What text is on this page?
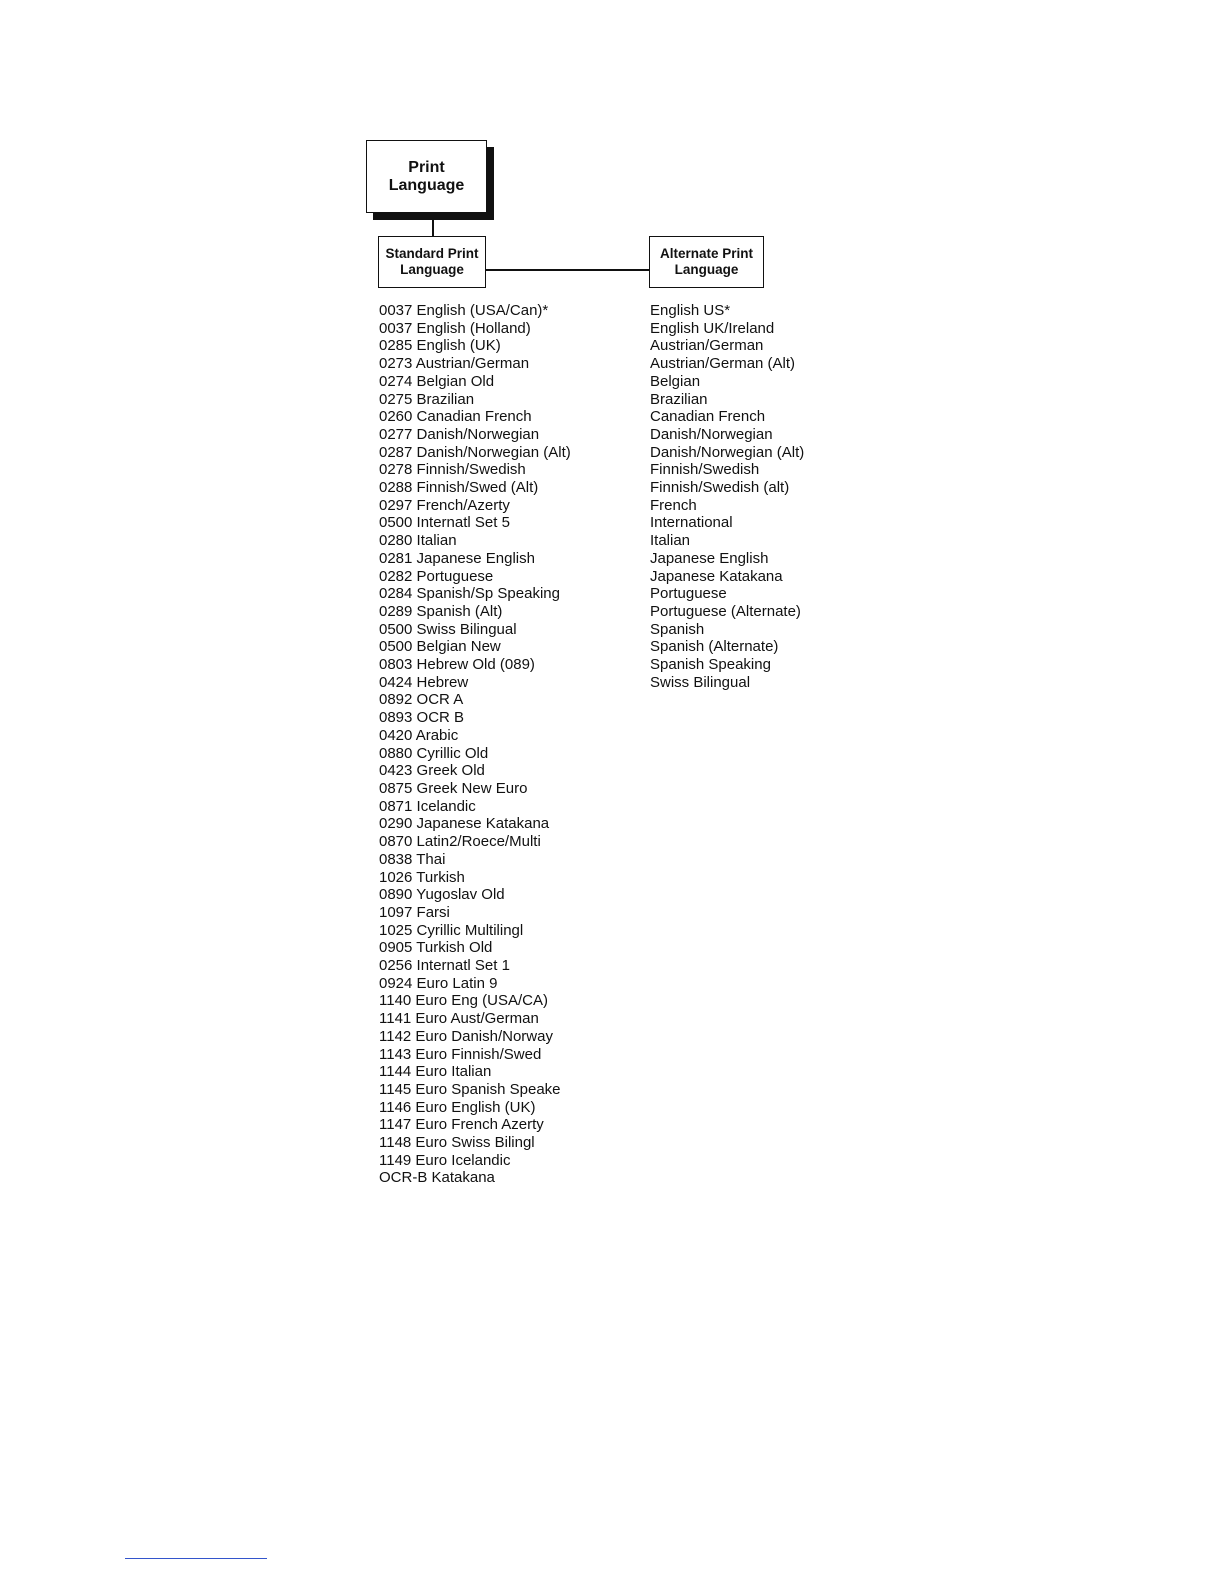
Print
Language
Standard Print
Language
Alternate Print
Language
0037 English (USA/Can)*
0037 English (Holland)
0285 English (UK)
0273 Austrian/German
0274 Belgian Old
0275 Brazilian
0260 Canadian French
0277 Danish/Norwegian
0287 Danish/Norwegian (Alt)
0278 Finnish/Swedish
0288 Finnish/Swed (Alt)
0297 French/Azerty
0500 Internatl Set 5
0280 Italian
0281 Japanese English
0282 Portuguese
0284 Spanish/Sp Speaking
0289 Spanish (Alt)
0500 Swiss Bilingual
0500 Belgian New
0803 Hebrew Old (089)
0424 Hebrew
0892 OCR A
0893 OCR B
0420 Arabic
0880 Cyrillic Old
0423 Greek Old
0875 Greek New Euro
0871 Icelandic
0290 Japanese Katakana
0870 Latin2/Roece/Multi
0838 Thai
1026 Turkish
0890 Yugoslav Old
1097 Farsi
1025 Cyrillic Multilingl
0905 Turkish Old
0256 Internatl Set 1
0924 Euro Latin 9
1140 Euro Eng (USA/CA)
1141 Euro Aust/German
1142 Euro Danish/Norway
1143 Euro Finnish/Swed
1144 Euro Italian
1145 Euro Spanish Speake
1146 Euro English (UK)
1147 Euro French Azerty
1148 Euro Swiss Bilingl
1149 Euro Icelandic
OCR-B Katakana
English US*
English UK/Ireland
Austrian/German
Austrian/German (Alt)
Belgian
Brazilian
Canadian French
Danish/Norwegian
Danish/Norwegian (Alt)
Finnish/Swedish
Finnish/Swedish (alt)
French
International
Italian
Japanese English
Japanese Katakana
Portuguese
Portuguese (Alternate)
Spanish
Spanish (Alternate)
Spanish Speaking
Swiss Bilingual
